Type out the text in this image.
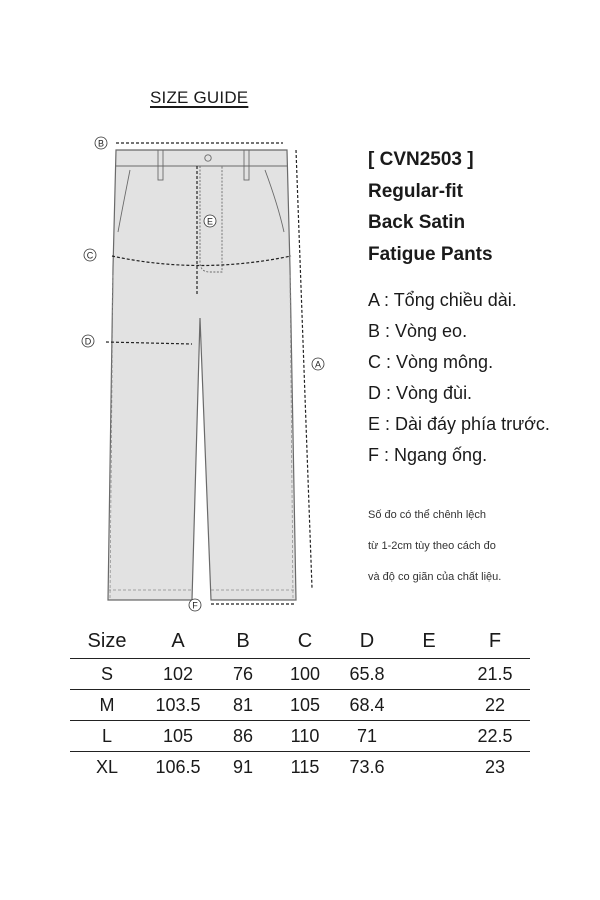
SIZE GUIDE
B
C
D
E
A
F
[ CVN2503 ]
Regular-fit
Back Satin
Fatigue Pants
A : Tổng chiều dài.
B : Vòng eo.
C : Vòng mông.
D : Vòng đùi.
E : Dài đáy phía trước.
F : Ngang ống.
Số đo có thể chênh lệch
từ 1-2cm tùy theo cách đo
và độ co giãn của chất liệu.
Size	A	B	C	D	E	F
S	102	76	100	65.8		21.5
M	103.5	81	105	68.4		22
L	105	86	110	71		22.5
XL	106.5	91	115	73.6		23
